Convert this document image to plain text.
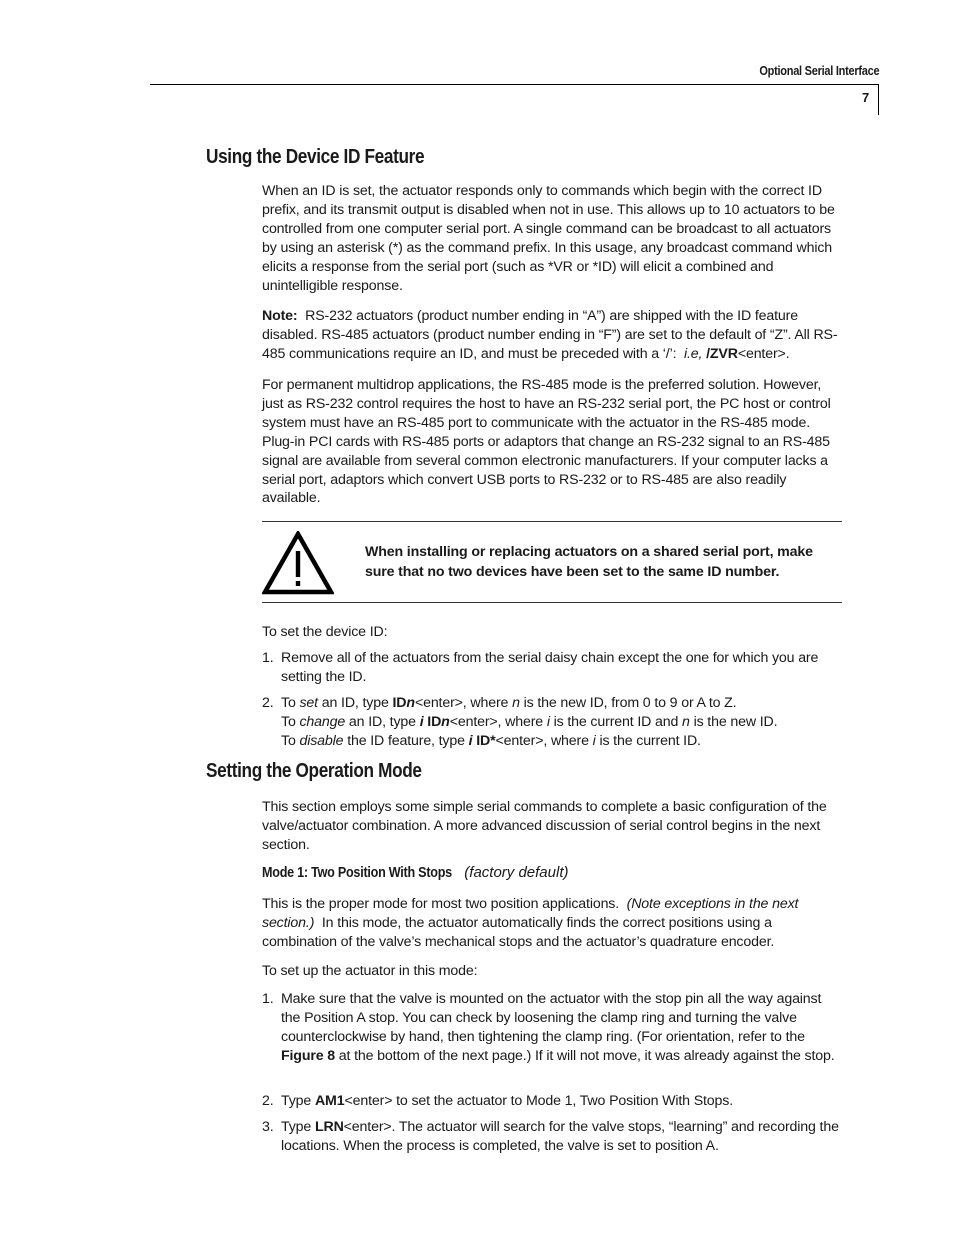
Optional Serial Interface
7
Using the Device ID Feature

When an ID is set, the actuator responds only to commands which begin with the correct ID prefix, and its transmit output is disabled when not in use. This allows up to 10 actuators to be controlled from one computer serial port. A single command can be broadcast to all actuators by using an asterisk (*) as the command prefix. In this usage, any broadcast command which elicits a response from the serial port (such as *VR or *ID) will elicit a combined and unintelligible response.

Note: RS-232 actuators (product number ending in “A”) are shipped with the ID feature disabled. RS-485 actuators (product number ending in “F”) are set to the default of “Z”. All RS-485 communications require an ID, and must be preceded with a ‘/’: i.e, /ZVR<enter>.

For permanent multidrop applications, the RS-485 mode is the preferred solution. However, just as RS-232 control requires the host to have an RS-232 serial port, the PC host or control system must have an RS-485 port to communicate with the actuator in the RS-485 mode. Plug-in PCI cards with RS-485 ports or adaptors that change an RS-232 signal to an RS-485 signal are available from several common electronic manufacturers. If your computer lacks a serial port, adaptors which convert USB ports to RS-232 or to RS-485 are also readily available.

When installing or replacing actuators on a shared serial port, make sure that no two devices have been set to the same ID number.

To set the device ID:

1. Remove all of the actuators from the serial daisy chain except the one for which you are setting the ID.
2. To set an ID, type IDn<enter>, where n is the new ID, from 0 to 9 or A to Z.
To change an ID, type i IDn<enter>, where i is the current ID and n is the new ID.
To disable the ID feature, type i ID*<enter>, where i is the current ID.
Setting the Operation Mode

This section employs some simple serial commands to complete a basic configuration of the valve/actuator combination. A more advanced discussion of serial control begins in the next section.

Mode 1: Two Position With Stops (factory default)

This is the proper mode for most two position applications. (Note exceptions in the next section.) In this mode, the actuator automatically finds the correct positions using a combination of the valve’s mechanical stops and the actuator’s quadrature encoder.

To set up the actuator in this mode:

1. Make sure that the valve is mounted on the actuator with the stop pin all the way against the Position A stop. You can check by loosening the clamp ring and turning the valve counterclockwise by hand, then tightening the clamp ring. (For orientation, refer to the Figure 8 at the bottom of the next page.) If it will not move, it was already against the stop.
2. Type AM1<enter> to set the actuator to Mode 1, Two Position With Stops.
3. Type LRN<enter>. The actuator will search for the valve stops, “learning” and recording the locations. When the process is completed, the valve is set to position A.
